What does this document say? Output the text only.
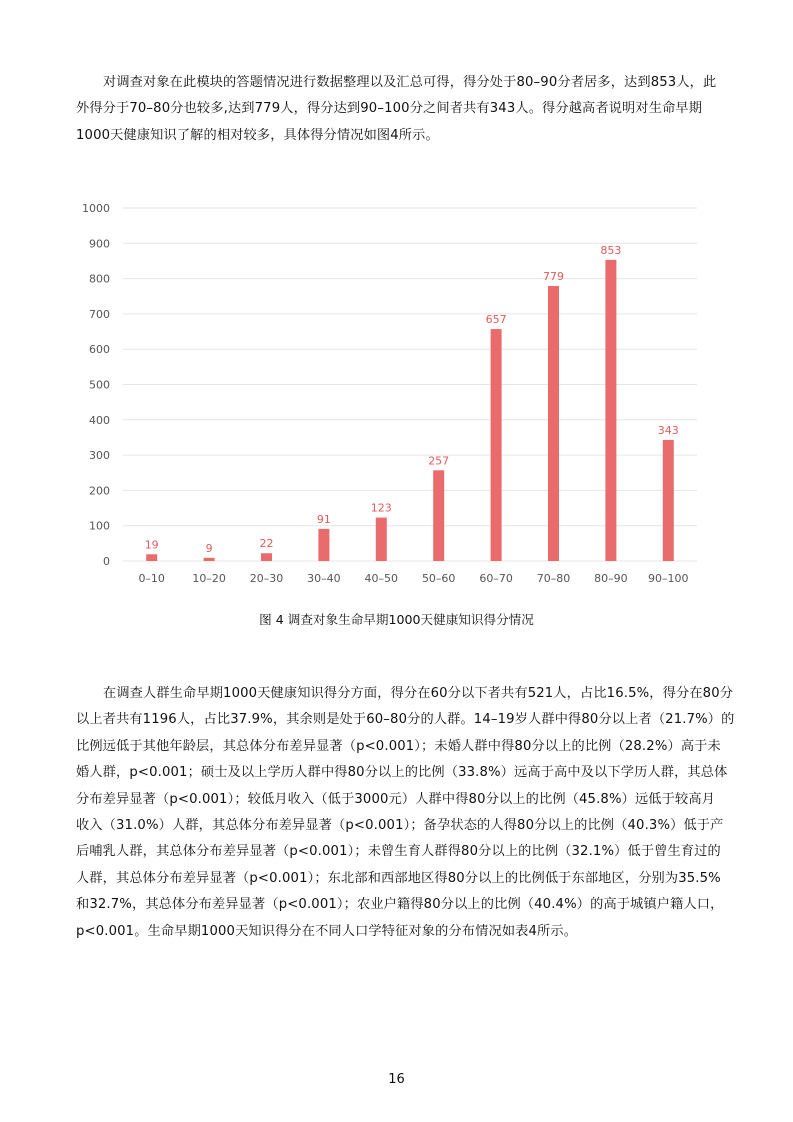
对调查对象在此模块的答题情况进行数据整理以及汇总可得，得分处于80–90分者居多，达到853人，此
外得分于70–80分也较多,达到779人，得分达到90–100分之间者共有343人。得分越高者说明对生命早期
1000天健康知识了解的相对较多，具体得分情况如图4所示。
0
100
200
300
400
500
600
700
800
900
1000
19	9	22
91
123
257
657
779
853
343
0–10 10–20 20–30 30–40 40–50 50–60 60–70 70–80 80–90 90–100
图 4 调查对象生命早期1000天健康知识得分情况
在调查人群生命早期1000天健康知识得分方面，得分在60分以下者共有521人，占比16.5%，得分在80分
以上者共有1196人，占比37.9%，其余则是处于60–80分的人群。14–19岁人群中得80分以上者（21.7%）的
比例远低于其他年龄层，其总体分布差异显著（p<0.001）；未婚人群中得80分以上的比例（28.2%）高于未
婚人群，p<0.001；硕士及以上学历人群中得80分以上的比例（33.8%）远高于高中及以下学历人群，其总体
分布差异显著（p<0.001）；较低月收入（低于3000元）人群中得80分以上的比例（45.8%）远低于较高月
收入（31.0%）人群，其总体分布差异显著（p<0.001）；备孕状态的人得80分以上的比例（40.3%）低于产
后哺乳人群，其总体分布差异显著（p<0.001）；未曾生育人群得80分以上的比例（32.1%）低于曾生育过的
人群，其总体分布差异显著（p<0.001）；东北部和西部地区得80分以上的比例低于东部地区，分别为35.5%
和32.7%，其总体分布差异显著（p<0.001）；农业户籍得80分以上的比例（40.4%）的高于城镇户籍人口，
p<0.001。生命早期1000天知识得分在不同人口学特征对象的分布情况如表4所示。
16
